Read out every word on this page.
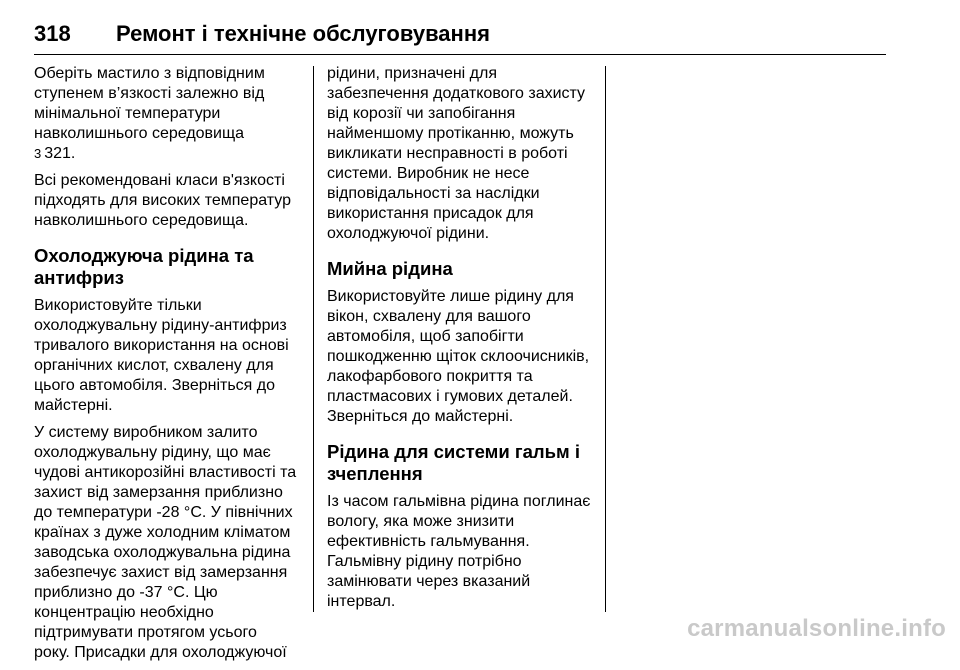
318	Ремонт і технічне обслуговування

Оберіть мастило з відповідним
ступенем в’язкості залежно від
мінімальної температури
навколишнього середовища
3 321.

Всі рекомендовані класи в'язкості
підходять для високих температур
навколишнього середовища.

Охолоджуюча рідина та
антифриз

Використовуйте тільки
охолоджувальну рідину-антифриз
тривалого використання на основі
органічних кислот, схвалену для
цього автомобіля. Зверніться до
майстерні.

У систему виробником залито
охолоджувальну рідину, що має
чудові антикорозійні властивості та
захист від замерзання приблизно
до температури -28 °C. У північних
країнах з дуже холодним кліматом
заводська охолоджувальна рідина
забезпечує захист від замерзання
приблизно до -37 °C. Цю
концентрацію необхідно
підтримувати протягом усього
року. Присадки для охолоджуючої

рідини, призначені для
забезпечення додаткового захисту
від корозії чи запобігання
найменшому протіканню, можуть
викликати несправності в роботі
системи. Виробник не несе
відповідальності за наслідки
використання присадок для
охолоджуючої рідини.

Мийна рідина

Використовуйте лише рідину для
вікон, схвалену для вашого
автомобіля, щоб запобігти
пошкодженню щіток склоочисників,
лакофарбового покриття та
пластмасових і гумових деталей.
Зверніться до майстерні.

Рідина для системи гальм і
зчеплення

Із часом гальмівна рідина поглинає
вологу, яка може знизити
ефективність гальмування.
Гальмівну рідину потрібно
замінювати через вказаний
інтервал.

carmanualsonline.info
